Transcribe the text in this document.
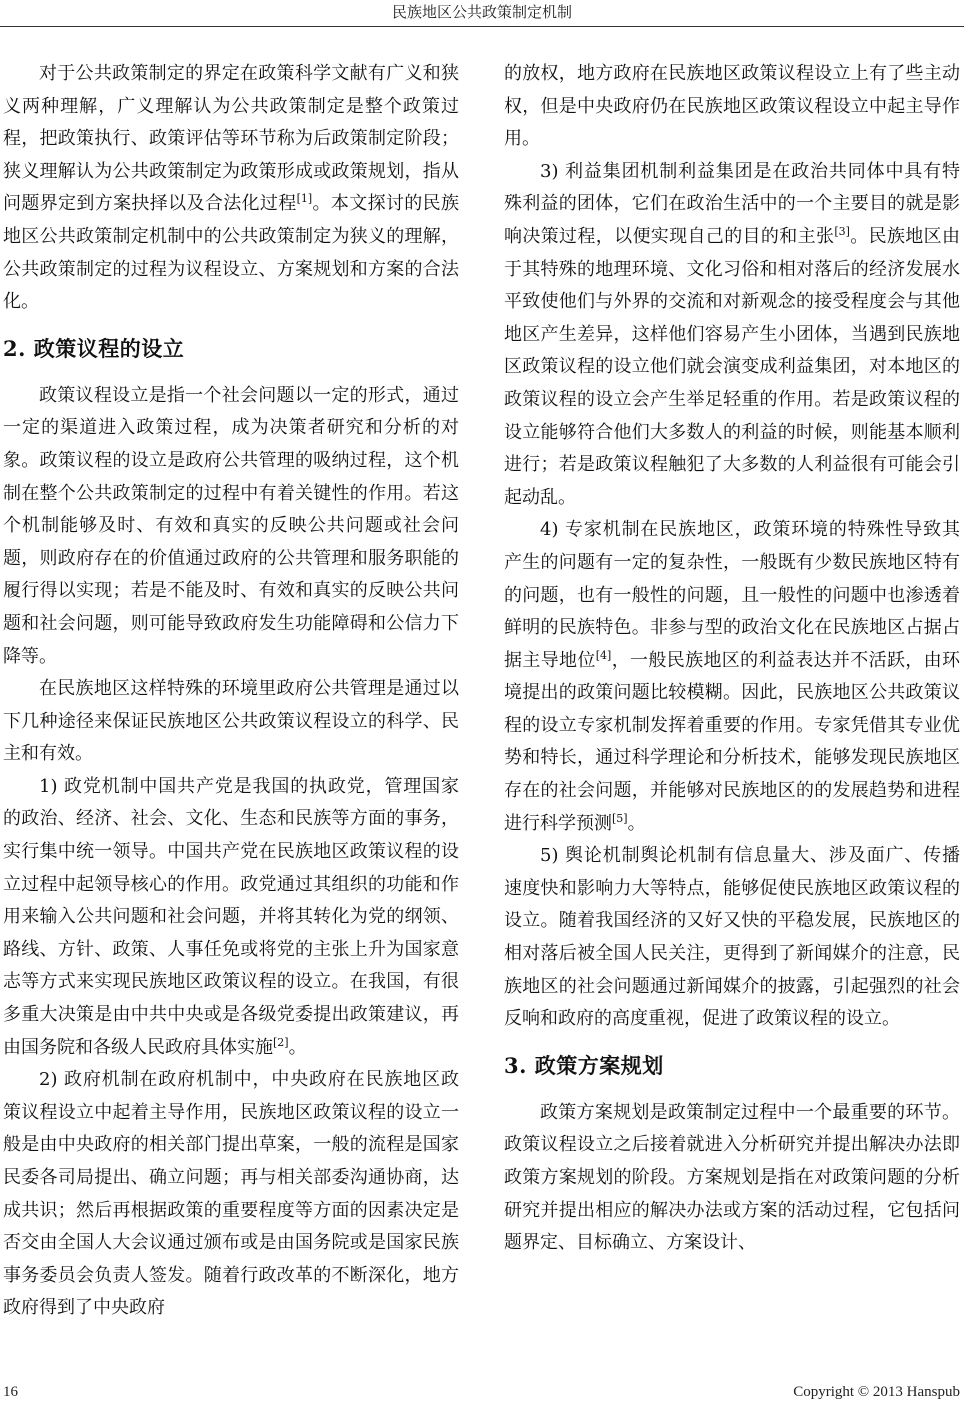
民族地区公共政策制定机制

对于公共政策制定的界定在政策科学文献有广义和狭义两种理解，广义理解认为公共政策制定是整个政策过程，把政策执行、政策评估等环节称为后政策制定阶段；狭义理解认为公共政策制定为政策形成或政策规划，指从问题界定到方案抉择以及合法化过程[1]。本文探讨的民族地区公共政策制定机制中的公共政策制定为狭义的理解，公共政策制定的过程为议程设立、方案规划和方案的合法化。

2. 政策议程的设立

政策议程设立是指一个社会问题以一定的形式，通过一定的渠道进入政策过程，成为决策者研究和分析的对象。政策议程的设立是政府公共管理的吸纳过程，这个机制在整个公共政策制定的过程中有着关键性的作用。若这个机制能够及时、有效和真实的反映公共问题或社会问题，则政府存在的价值通过政府的公共管理和服务职能的履行得以实现；若是不能及时、有效和真实的反映公共问题和社会问题，则可能导致政府发生功能障碍和公信力下降等。

在民族地区这样特殊的环境里政府公共管理是通过以下几种途径来保证民族地区公共政策议程设立的科学、民主和有效。

1) 政党机制中国共产党是我国的执政党，管理国家的政治、经济、社会、文化、生态和民族等方面的事务，实行集中统一领导。中国共产党在民族地区政策议程的设立过程中起领导核心的作用。政党通过其组织的功能和作用来输入公共问题和社会问题，并将其转化为党的纲领、路线、方针、政策、人事任免或将党的主张上升为国家意志等方式来实现民族地区政策议程的设立。在我国，有很多重大决策是由中共中央或是各级党委提出政策建议，再由国务院和各级人民政府具体实施[2]。

2) 政府机制在政府机制中，中央政府在民族地区政策议程设立中起着主导作用，民族地区政策议程的设立一般是由中央政府的相关部门提出草案，一般的流程是国家民委各司局提出、确立问题；再与相关部委沟通协商，达成共识；然后再根据政策的重要程度等方面的因素决定是否交由全国人大会议通过颁布或是由国务院或是国家民族事务委员会负责人签发。随着行政改革的不断深化，地方政府得到了中央政府

的放权，地方政府在民族地区政策议程设立上有了些主动权，但是中央政府仍在民族地区政策议程设立中起主导作用。

3) 利益集团机制利益集团是在政治共同体中具有特殊利益的团体，它们在政治生活中的一个主要目的就是影响决策过程，以便实现自己的目的和主张[3]。民族地区由于其特殊的地理环境、文化习俗和相对落后的经济发展水平致使他们与外界的交流和对新观念的接受程度会与其他地区产生差异，这样他们容易产生小团体，当遇到民族地区政策议程的设立他们就会演变成利益集团，对本地区的政策议程的设立会产生举足轻重的作用。若是政策议程的设立能够符合他们大多数人的利益的时候，则能基本顺利进行；若是政策议程触犯了大多数的人利益很有可能会引起动乱。

4) 专家机制在民族地区，政策环境的特殊性导致其产生的问题有一定的复杂性，一般既有少数民族地区特有的问题，也有一般性的问题，且一般性的问题中也渗透着鲜明的民族特色。非参与型的政治文化在民族地区占据占据主导地位[4]，一般民族地区的利益表达并不活跃，由环境提出的政策问题比较模糊。因此，民族地区公共政策议程的设立专家机制发挥着重要的作用。专家凭借其专业优势和特长，通过科学理论和分析技术，能够发现民族地区存在的社会问题，并能够对民族地区的的发展趋势和进程进行科学预测[5]。

5) 舆论机制舆论机制有信息量大、涉及面广、传播速度快和影响力大等特点，能够促使民族地区政策议程的设立。随着我国经济的又好又快的平稳发展，民族地区的相对落后被全国人民关注，更得到了新闻媒介的注意，民族地区的社会问题通过新闻媒介的披露，引起强烈的社会反响和政府的高度重视，促进了政策议程的设立。

3. 政策方案规划

政策方案规划是政策制定过程中一个最重要的环节。政策议程设立之后接着就进入分析研究并提出解决办法即政策方案规划的阶段。方案规划是指在对政策问题的分析研究并提出相应的解决办法或方案的活动过程，它包括问题界定、目标确立、方案设计、

16	Copyright © 2013 Hanspub
